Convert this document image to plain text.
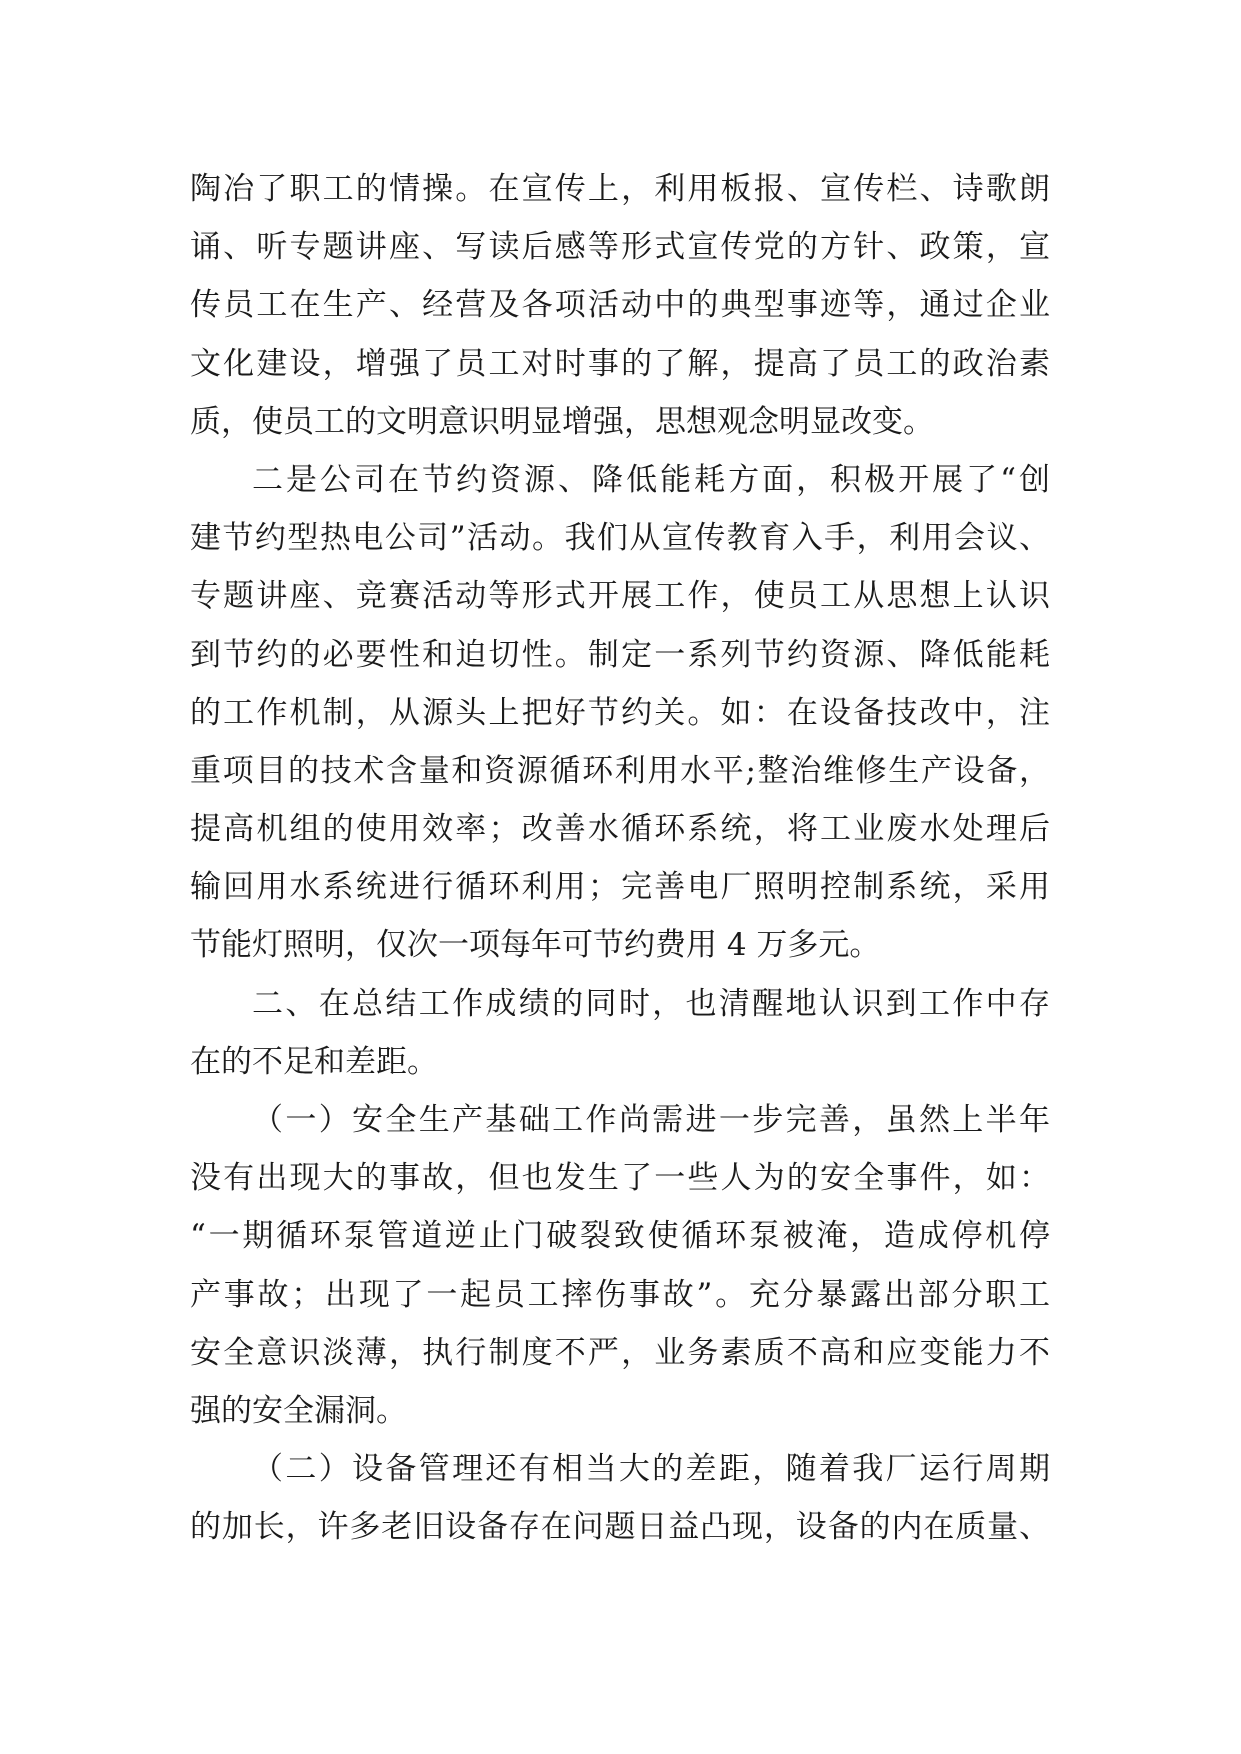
陶冶了职工的情操。在宣传上，利用板报、宣传栏、诗歌朗
诵、听专题讲座、写读后感等形式宣传党的方针、政策，宣
传员工在生产、经营及各项活动中的典型事迹等，通过企业
文化建设，增强了员工对时事的了解，提高了员工的政治素
质，使员工的文明意识明显增强，思想观念明显改变。
二是公司在节约资源、降低能耗方面，积极开展了“创
建节约型热电公司”活动。我们从宣传教育入手，利用会议、
专题讲座、竞赛活动等形式开展工作，使员工从思想上认识
到节约的必要性和迫切性。制定一系列节约资源、降低能耗
的工作机制，从源头上把好节约关。如：在设备技改中，注
重项目的技术含量和资源循环利用水平;整治维修生产设备，
提高机组的使用效率；改善水循环系统，将工业废水处理后
输回用水系统进行循环利用；完善电厂照明控制系统，采用
节能灯照明，仅次一项每年可节约费用 4 万多元。
二、在总结工作成绩的同时，也清醒地认识到工作中存
在的不足和差距。
（一）安全生产基础工作尚需进一步完善，虽然上半年
没有出现大的事故，但也发生了一些人为的安全事件，如：
“一期循环泵管道逆止门破裂致使循环泵被淹，造成停机停
产事故；出现了一起员工摔伤事故”。充分暴露出部分职工
安全意识淡薄，执行制度不严，业务素质不高和应变能力不
强的安全漏洞。
（二）设备管理还有相当大的差距，随着我厂运行周期
的加长，许多老旧设备存在问题日益凸现，设备的内在质量、
